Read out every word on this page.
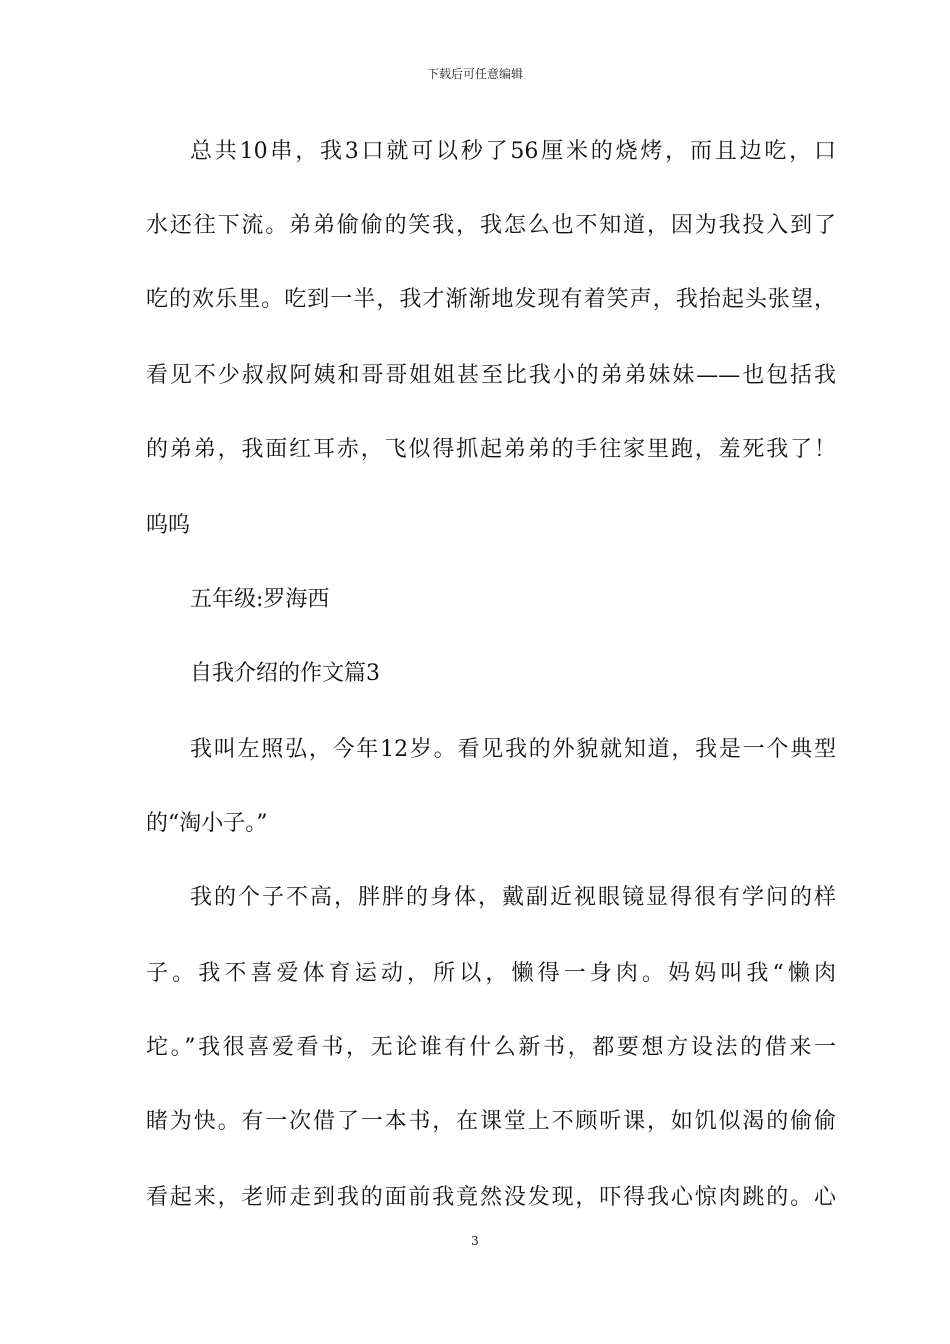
下载后可任意编辑
总共10串，我3口就可以秒了56厘米的烧烤，而且边吃，口
水还往下流。弟弟偷偷的笑我，我怎么也不知道，因为我投入到了
吃的欢乐里。吃到一半，我才渐渐地发现有着笑声，我抬起头张望，
看见不少叔叔阿姨和哥哥姐姐甚至比我小的弟弟妹妹——也包括我
的弟弟，我面红耳赤，飞似得抓起弟弟的手往家里跑，羞死我了！
呜呜
五年级:罗海西
自我介绍的作文篇3
我叫左照弘，今年12岁。看见我的外貌就知道，我是一个典型
的“淘小子。”
我的个子不高，胖胖的身体，戴副近视眼镜显得很有学问的样
子。我不喜爱体育运动，所以，懒得一身肉。妈妈叫我“懒肉
坨。”我很喜爱看书，无论谁有什么新书，都要想方设法的借来一
睹为快。有一次借了一本书，在课堂上不顾听课，如饥似渴的偷偷
看起来，老师走到我的面前我竟然没发现，吓得我心惊肉跳的。心
3
